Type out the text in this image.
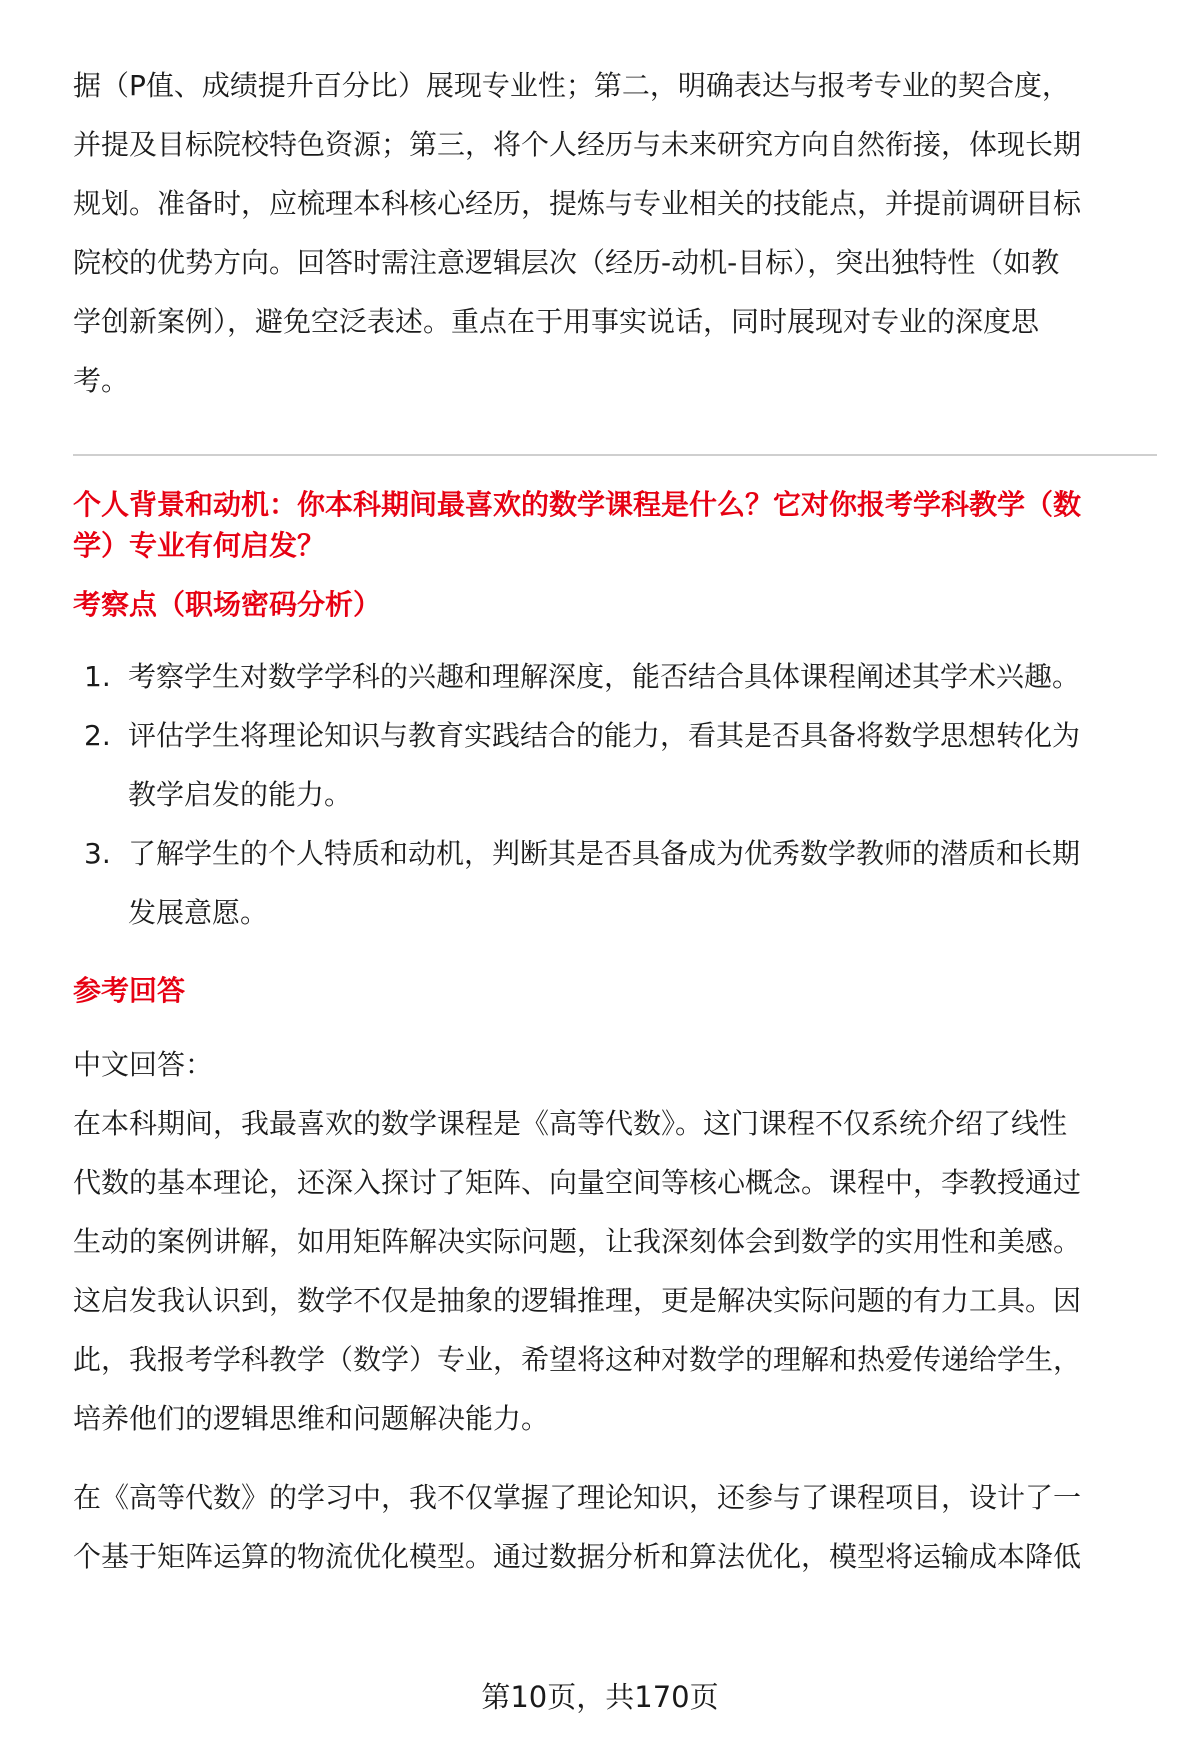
据（P值、成绩提升百分比）展现专业性；第二，明确表达与报考专业的契合度，

并提及目标院校特色资源；第三，将个人经历与未来研究方向自然衔接，体现长期

规划。准备时，应梳理本科核心经历，提炼与专业相关的技能点，并提前调研目标

院校的优势方向。回答时需注意逻辑层次（经历-动机-目标），突出独特性（如教

学创新案例），避免空泛表述。重点在于用事实说话，同时展现对专业的深度思

考。

个人背景和动机：你本科期间最喜欢的数学课程是什么？它对你报考学科教学（数

学）专业有何启发？

考察点（职场密码分析）
1. 考察学生对数学学科的兴趣和理解深度，能否结合具体课程阐述其学术兴趣。
2. 评估学生将理论知识与教育实践结合的能力，看其是否具备将数学思想转化为
教学启发的能力。
3. 了解学生的个人特质和动机，判断其是否具备成为优秀数学教师的潜质和长期
发展意愿。
参考回答

中文回答：

在本科期间，我最喜欢的数学课程是《高等代数》。这门课程不仅系统介绍了线性

代数的基本理论，还深入探讨了矩阵、向量空间等核心概念。课程中，李教授通过

生动的案例讲解，如用矩阵解决实际问题，让我深刻体会到数学的实用性和美感。

这启发我认识到，数学不仅是抽象的逻辑推理，更是解决实际问题的有力工具。因

此，我报考学科教学（数学）专业，希望将这种对数学的理解和热爱传递给学生，

培养他们的逻辑思维和问题解决能力。

在《高等代数》的学习中，我不仅掌握了理论知识，还参与了课程项目，设计了一

个基于矩阵运算的物流优化模型。通过数据分析和算法优化，模型将运输成本降低

第10页，共170页
